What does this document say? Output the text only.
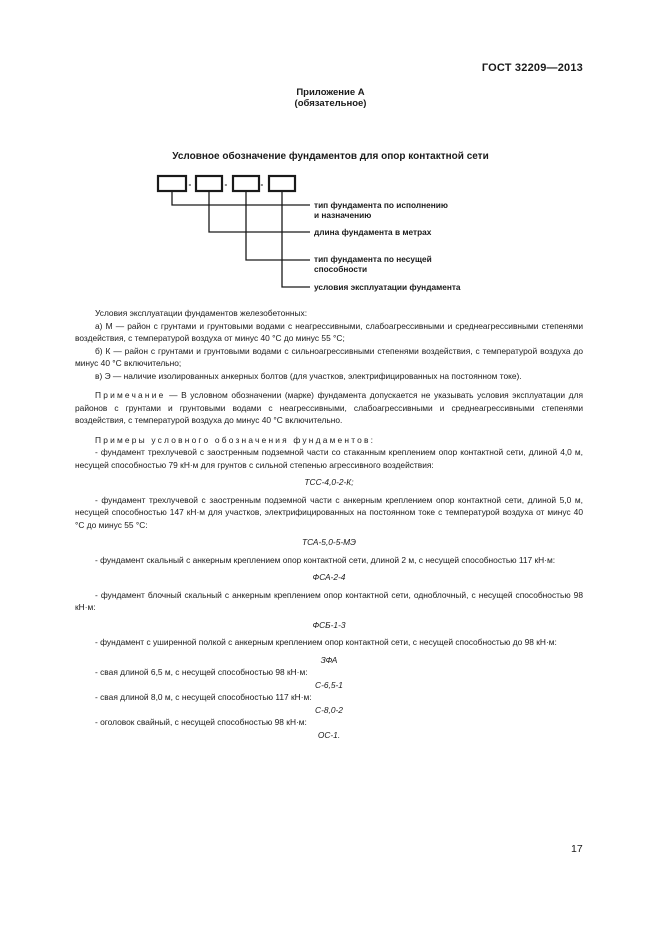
ГОСТ 32209—2013
Приложение А
(обязательное)
Условное обозначение фундаментов для опор контактной сети
-	-	-
тип фундамента по исполнению
и назначению
длина фундамента в метрах
тип фундамента по несущей
способности
условия эксплуатации фундамента

Условия эксплуатации фундаментов железобетонных:

а) М — район с грунтами и грунтовыми водами с неагрессивными, слабоагрессивными и среднеагрессивными степенями воздействия, с температурой воздуха от минус 40 °С до минус 55 °С;

б) К — район с грунтами и грунтовыми водами с сильноагрессивными степенями воздействия, с температурой воздуха до минус 40 °С включительно;

в) Э — наличие изолированных анкерных болтов (для участков, электрифицированных на постоянном токе).

Примечание — В условном обозначении (марке) фундамента допускается не указывать условия эксплуатации для районов с грунтами и грунтовыми водами с неагрессивными, слабоагрессивными и среднеагрессивными степенями воздействия, с температурой воздуха до минус 40 °С включительно.

Примеры условного обозначения фундаментов:

- фундамент трехлучевой с заостренным подземной части со стаканным креплением опор контактной сети, длиной 4,0 м, несущей способностью 79 кН·м для грунтов с сильной степенью агрессивного воздействия:

ТСС-4,0-2-К;

- фундамент трехлучевой с заостренным подземной части с анкерным креплением опор контактной сети, длиной 5,0 м, несущей способностью 147 кН·м для участков, электрифицированных на постоянном токе с температурой воздуха от минус 40 °С до минус 55 °С:

ТСА-5,0-5-МЭ

- фундамент скальный с анкерным креплением опор контактной сети, длиной 2 м, с несущей способностью 117 кН·м:

ФСА-2-4

- фундамент блочный скальный с анкерным креплением опор контактной сети, одноблочный, с несущей способностью 98 кН·м:

ФСБ-1-3

- фундамент с уширенной полкой с анкерным креплением опор контактной сети, с несущей способностью до 98 кН·м:

ЗФА

- свая длиной 6,5 м, с несущей способностью 98 кН·м:

С-6,5-1

- свая длиной 8,0 м, с несущей способностью 117 кН·м:

С-8,0-2

- оголовок свайный, с несущей способностью 98 кН·м:

ОС-1.

17
